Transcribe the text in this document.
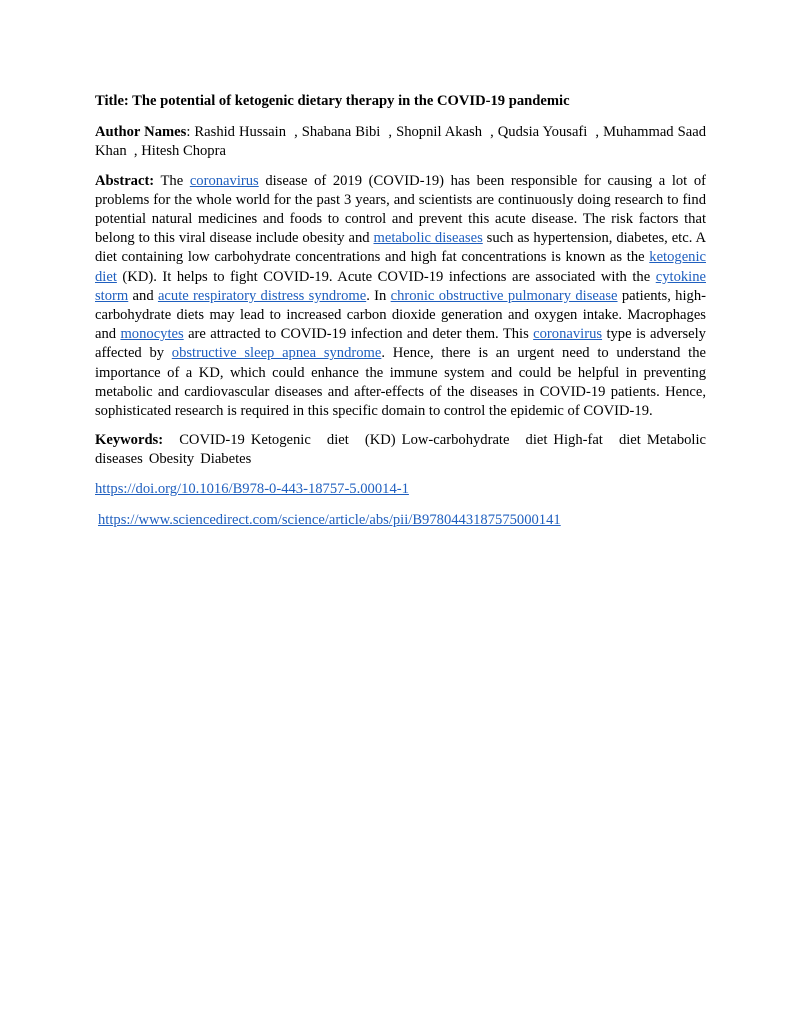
Title: The potential of ketogenic dietary therapy in the COVID-19 pandemic

Author Names: Rashid Hussain  , Shabana Bibi  , Shopnil Akash  , Qudsia Yousafi  , Muhammad Saad Khan  , Hitesh Chopra

Abstract: The coronavirus disease of 2019 (COVID-19) has been responsible for causing a lot of problems for the whole world for the past 3 years, and scientists are continuously doing research to find potential natural medicines and foods to control and prevent this acute disease. The risk factors that belong to this viral disease include obesity and metabolic diseases such as hypertension, diabetes, etc. A diet containing low carbohydrate concentrations and high fat concentrations is known as the ketogenic diet (KD). It helps to fight COVID-19. Acute COVID-19 infections are associated with the cytokine storm and acute respiratory distress syndrome. In chronic obstructive pulmonary disease patients, high-carbohydrate diets may lead to increased carbon dioxide generation and oxygen intake. Macrophages and monocytes are attracted to COVID-19 infection and deter them. This coronavirus type is adversely affected by obstructive sleep apnea syndrome. Hence, there is an urgent need to understand the importance of a KD, which could enhance the immune system and could be helpful in preventing metabolic and cardiovascular diseases and after-effects of the diseases in COVID-19 patients. Hence, sophisticated research is required in this specific domain to control the epidemic of COVID-19.

Keywords: COVID-19 Ketogenic diet (KD) Low-carbohydrate diet High-fat diet Metabolic diseases Obesity Diabetes

https://doi.org/10.1016/B978-0-443-18757-5.00014-1

https://www.sciencedirect.com/science/article/abs/pii/B9780443187575000141
